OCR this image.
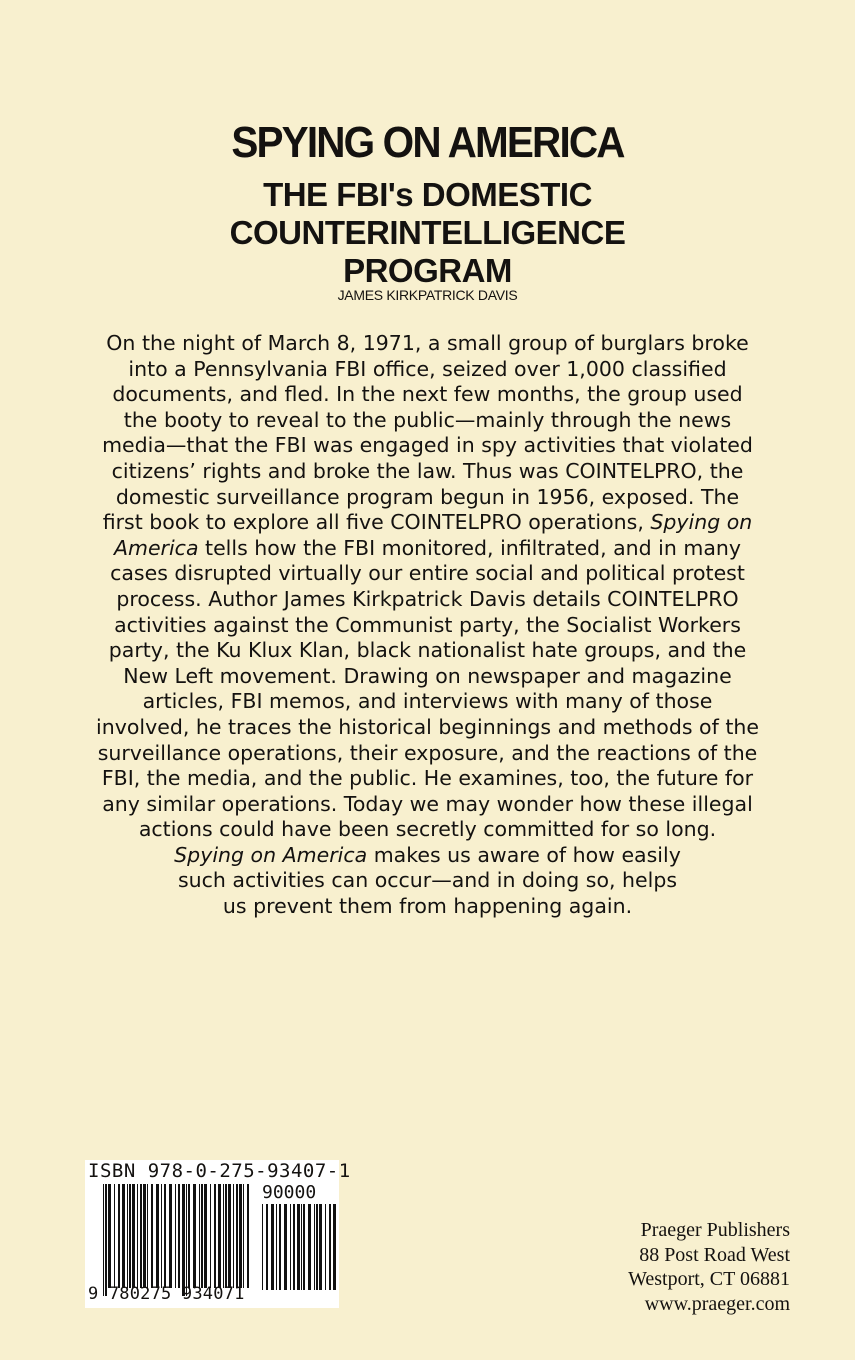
SPYING ON AMERICA
THE FBI's DOMESTIC
COUNTERINTELLIGENCE
PROGRAM

JAMES KIRKPATRICK DAVIS

On the night of March 8, 1971, a small group of burglars broke into a Pennsylvania FBI office, seized over 1,000 classified documents, and fled. In the next few months, the group used the booty to reveal to the public—mainly through the news media—that the FBI was engaged in spy activities that violated citizens’ rights and broke the law. Thus was COINTELPRO, the domestic surveillance program begun in 1956, exposed. The first book to explore all five COINTELPRO operations, Spying on America tells how the FBI monitored, infiltrated, and in many cases disrupted virtually our entire social and political protest process. Author James Kirkpatrick Davis details COINTELPRO activities against the Communist party, the Socialist Workers party, the Ku Klux Klan, black nationalist hate groups, and the New Left movement. Drawing on newspaper and magazine articles, FBI memos, and interviews with many of those involved, he traces the historical beginnings and methods of the surveillance operations, their exposure, and the reactions of the FBI, the media, and the public. He examines, too, the future for any similar operations. Today we may wonder how these illegal actions could have been secretly committed for so long.
Spying on America makes us aware of how easily
such activities can occur—and in doing so, helps
us prevent them from happening again.

ISBN 978-0-275-93407-1
90000
9 780275 934071
Praeger Publishers
88 Post Road West
Westport, CT 06881
www.praeger.com
